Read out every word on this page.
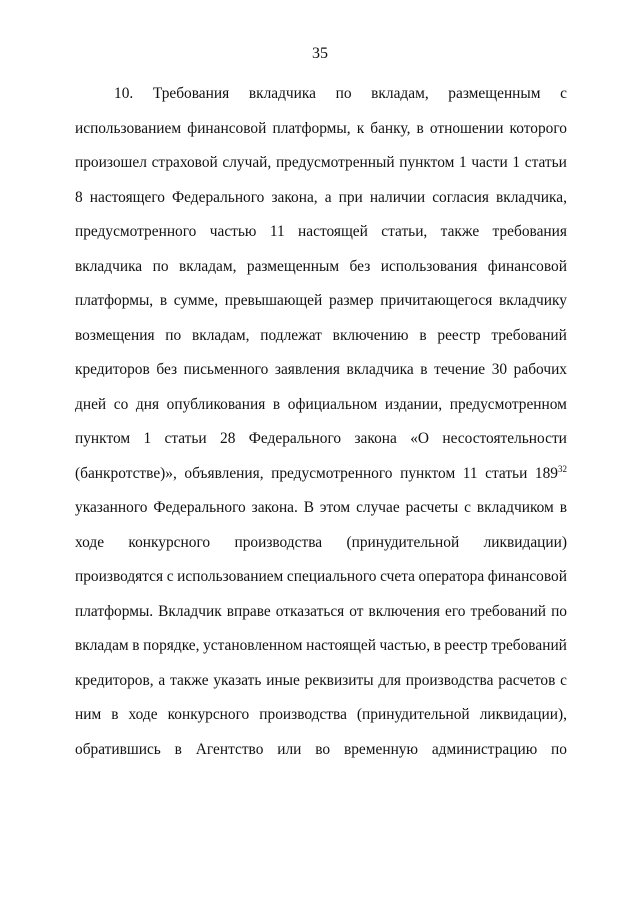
35
10. Требования вкладчика по вкладам, размещенным с
использованием финансовой платформы, к банку, в отношении которого
произошел страховой случай, предусмотренный пунктом 1 части 1 статьи
8 настоящего Федерального закона, а при наличии согласия вкладчика,
предусмотренного частью 11 настоящей статьи, также требования
вкладчика по вкладам, размещенным без использования финансовой
платформы, в сумме, превышающей размер причитающегося вкладчику
возмещения по вкладам, подлежат включению в реестр требований
кредиторов без письменного заявления вкладчика в течение 30 рабочих
дней со дня опубликования в официальном издании, предусмотренном
пунктом 1 статьи 28 Федерального закона «О несостоятельности
(банкротстве)», объявления, предусмотренного пунктом 11 статьи $189^{32}$
указанного Федерального закона. В этом случае расчеты с вкладчиком в
ходе конкурсного производства (принудительной ликвидации)
производятся с использованием специального счета оператора финансовой
платформы. Вкладчик вправе отказаться от включения его требований по
вкладам в порядке, установленном настоящей частью, в реестр требований
кредиторов, а также указать иные реквизиты для производства расчетов с
ним в ходе конкурсного производства (принудительной ликвидации),
обратившись в Агентство или во временную администрацию по
